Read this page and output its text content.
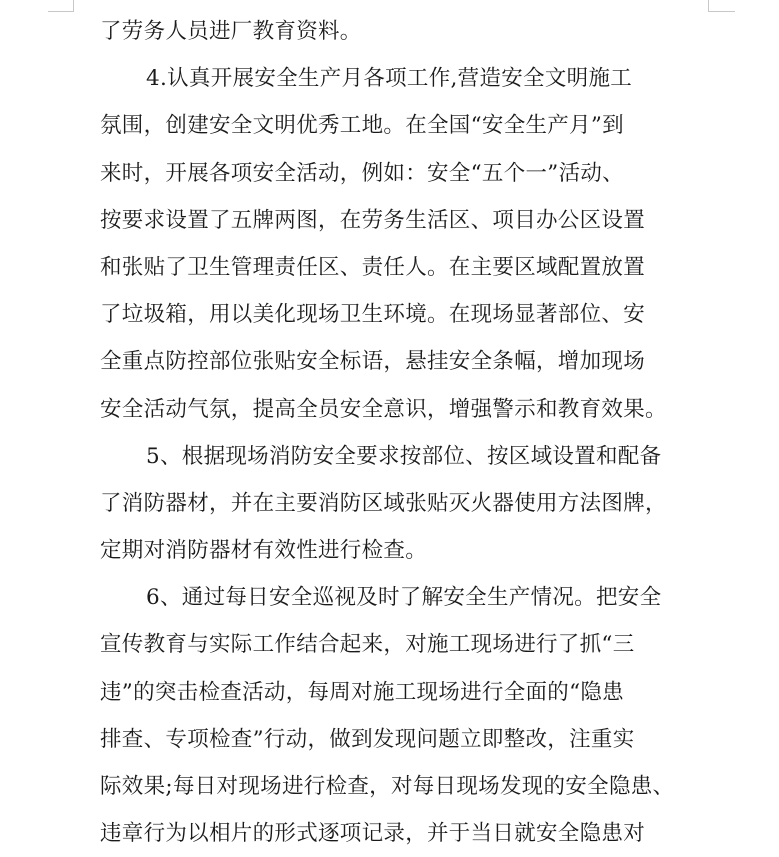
了劳务人员进厂教育资料。
4.认真开展安全生产月各项工作,营造安全文明施工
氛围，创建安全文明优秀工地。在全国“安全生产月”到
来时，开展各项安全活动，例如：安全“五个一”活动、
按要求设置了五牌两图，在劳务生活区、项目办公区设置
和张贴了卫生管理责任区、责任人。在主要区域配置放置
了垃圾箱，用以美化现场卫生环境。在现场显著部位、安
全重点防控部位张贴安全标语，悬挂安全条幅，增加现场
安全活动气氛，提高全员安全意识，增强警示和教育效果。
5、根据现场消防安全要求按部位、按区域设置和配备
了消防器材，并在主要消防区域张贴灭火器使用方法图牌，
定期对消防器材有效性进行检查。
6、通过每日安全巡视及时了解安全生产情况。把安全
宣传教育与实际工作结合起来，对施工现场进行了抓“三
违”的突击检查活动，每周对施工现场进行全面的“隐患
排查、专项检查”行动，做到发现问题立即整改，注重实
际效果;每日对现场进行检查，对每日现场发现的安全隐患、
违章行为以相片的形式逐项记录，并于当日就安全隐患对
